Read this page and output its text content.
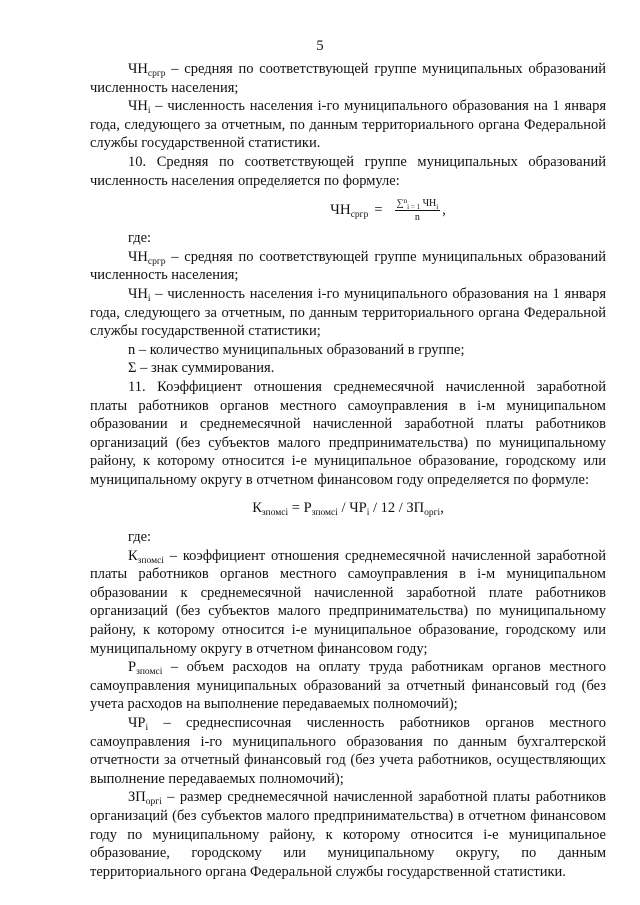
5

$ЧН_{сргр}$ – средняя по соответствующей группе муниципальных образований численность населения;

$ЧН_i$ – численность населения i-го муниципального образования на 1 января года, следующего за отчетным, по данным территориального органа Федеральной службы государственной статистики.

10. Средняя по соответствующей группе муниципальных образований численность населения определяется по формуле:

$ЧН_{сргр} = \frac{\sum^n_{i = 1} ЧН_i}{n}$ ,

где:

$ЧН_{сргр}$ – средняя по соответствующей группе муниципальных образований численность населения;

$ЧН_i$ – численность населения i-го муниципального образования на 1 января года, следующего за отчетным, по данным территориального органа Федеральной службы государственной статистики;

n – количество муниципальных образований в группе;

Σ – знак суммирования.

11. Коэффициент отношения среднемесячной начисленной заработной платы работников органов местного самоуправления в i-м муниципальном образовании и среднемесячной начисленной заработной платы работников организаций (без субъектов малого предпринимательства) по муниципальному району, к которому относится i-е муниципальное образование, городскому или муниципальному округу в отчетном финансовом году определяется по формуле:

$К_{зпомсi} = Р_{зпомсi} / ЧР_i / 12 / ЗП_{оргi}$,

где:

$К_{зпомсi}$ – коэффициент отношения среднемесячной начисленной заработной платы работников органов местного самоуправления в i-м муниципальном образовании к среднемесячной начисленной заработной плате работников организаций (без субъектов малого предпринимательства) по муниципальному району, к которому относится i-е муниципальное образование, городскому или муниципальному округу в отчетном финансовом году;

$Р_{зпомсi}$ – объем расходов на оплату труда работникам органов местного самоуправления муниципальных образований за отчетный финансовый год (без учета расходов на выполнение передаваемых полномочий);

$ЧР_i$ – среднесписочная численность работников органов местного самоуправления i-го муниципального образования по данным бухгалтерской отчетности за отчетный финансовый год (без учета работников, осуществляющих выполнение передаваемых полномочий);

$ЗП_{оргi}$ – размер среднемесячной начисленной заработной платы работников организаций (без субъектов малого предпринимательства) в отчетном финансовом году по муниципальному району, к которому относится i-е муниципальное образование, городскому или муниципальному округу, по данным территориального органа Федеральной службы государственной статистики.
